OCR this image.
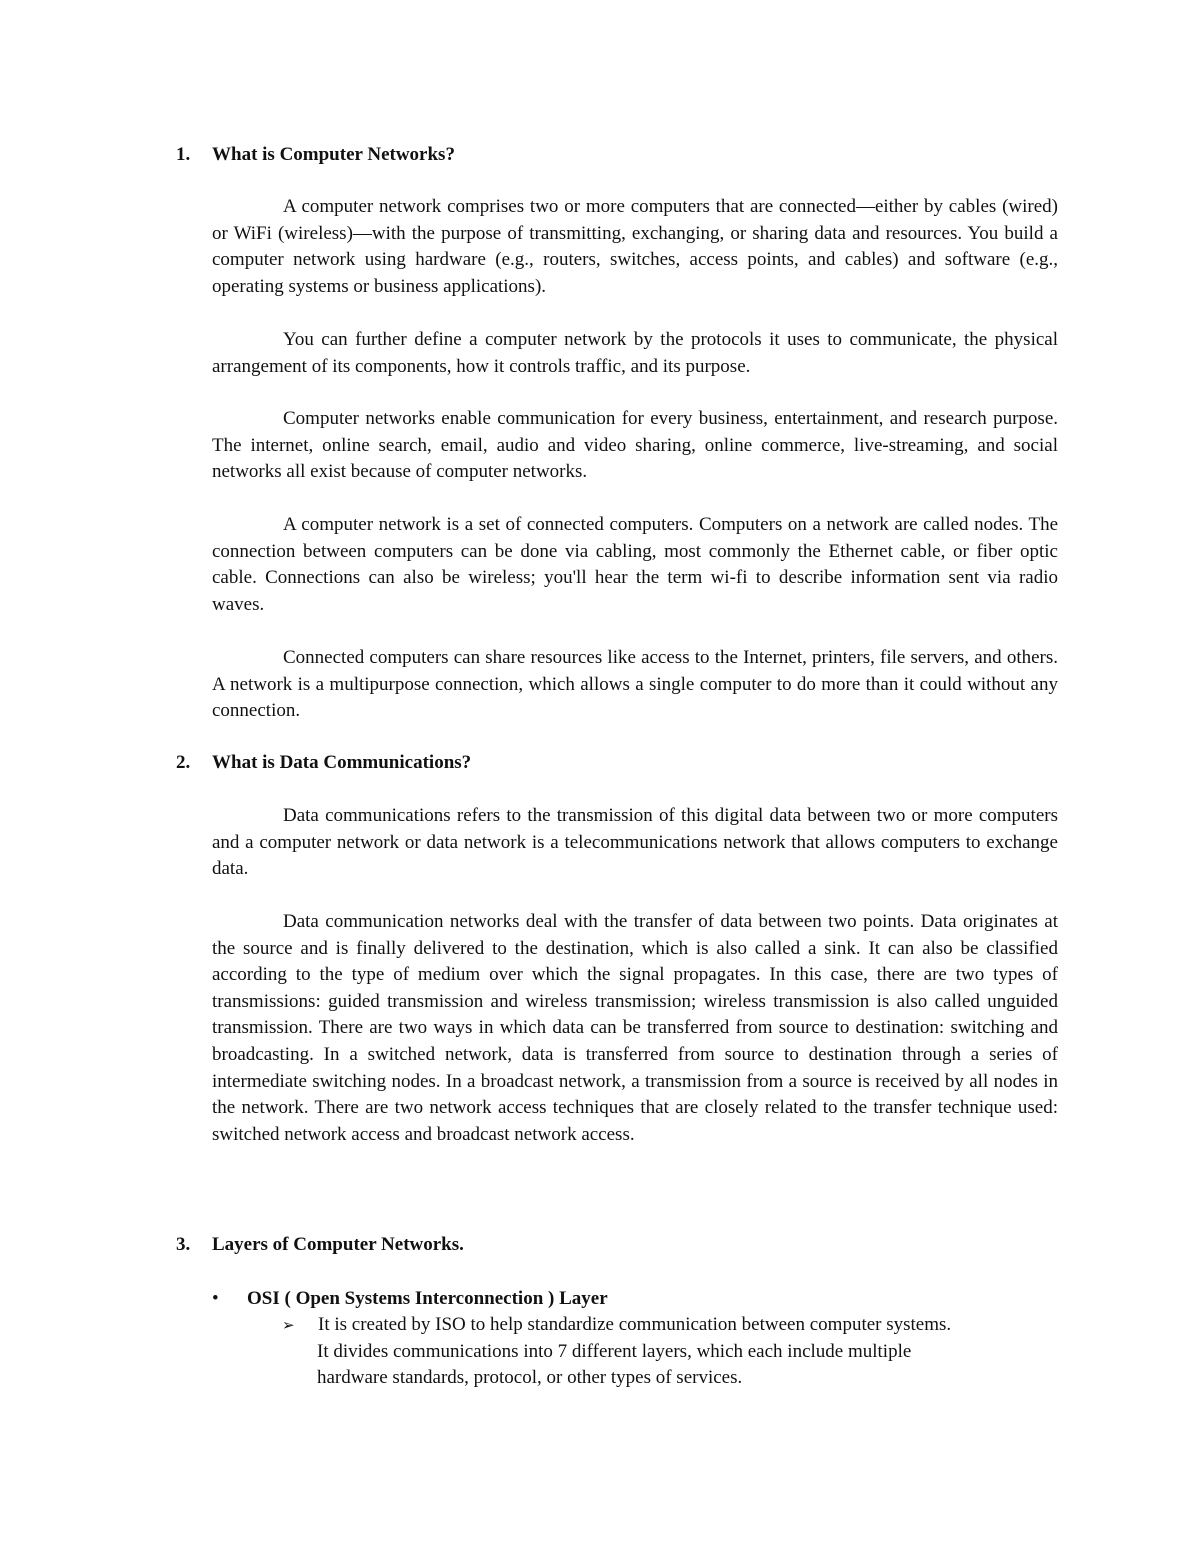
1. What is Computer Networks?

A computer network comprises two or more computers that are connected—either by cables (wired) or WiFi (wireless)—with the purpose of transmitting, exchanging, or sharing data and resources. You build a computer network using hardware (e.g., routers, switches, access points, and cables) and software (e.g., operating systems or business applications).

You can further define a computer network by the protocols it uses to communicate, the physical arrangement of its components, how it controls traffic, and its purpose.

Computer networks enable communication for every business, entertainment, and research purpose. The internet, online search, email, audio and video sharing, online commerce, live-streaming, and social networks all exist because of computer networks.

A computer network is a set of connected computers. Computers on a network are called nodes. The connection between computers can be done via cabling, most commonly the Ethernet cable, or fiber optic cable. Connections can also be wireless; you'll hear the term wi-fi to describe information sent via radio waves.

Connected computers can share resources like access to the Internet, printers, file servers, and others. A network is a multipurpose connection, which allows a single computer to do more than it could without any connection.

2. What is Data Communications?

Data communications refers to the transmission of this digital data between two or more computers and a computer network or data network is a telecommunications network that allows computers to exchange data.

Data communication networks deal with the transfer of data between two points. Data originates at the source and is finally delivered to the destination, which is also called a sink. It can also be classified according to the type of medium over which the signal propagates. In this case, there are two types of transmissions: guided transmission and wireless transmission; wireless transmission is also called unguided transmission. There are two ways in which data can be transferred from source to destination: switching and broadcasting. In a switched network, data is transferred from source to destination through a series of intermediate switching nodes. In a broadcast network, a transmission from a source is received by all nodes in the network. There are two network access techniques that are closely related to the transfer technique used: switched network access and broadcast network access.

3. Layers of Computer Networks.
• OSI ( Open Systems Interconnection ) Layer
➢ It is created by ISO to help standardize communication between computer systems.
It divides communications into 7 different layers, which each include multiple
hardware standards, protocol, or other types of services.
